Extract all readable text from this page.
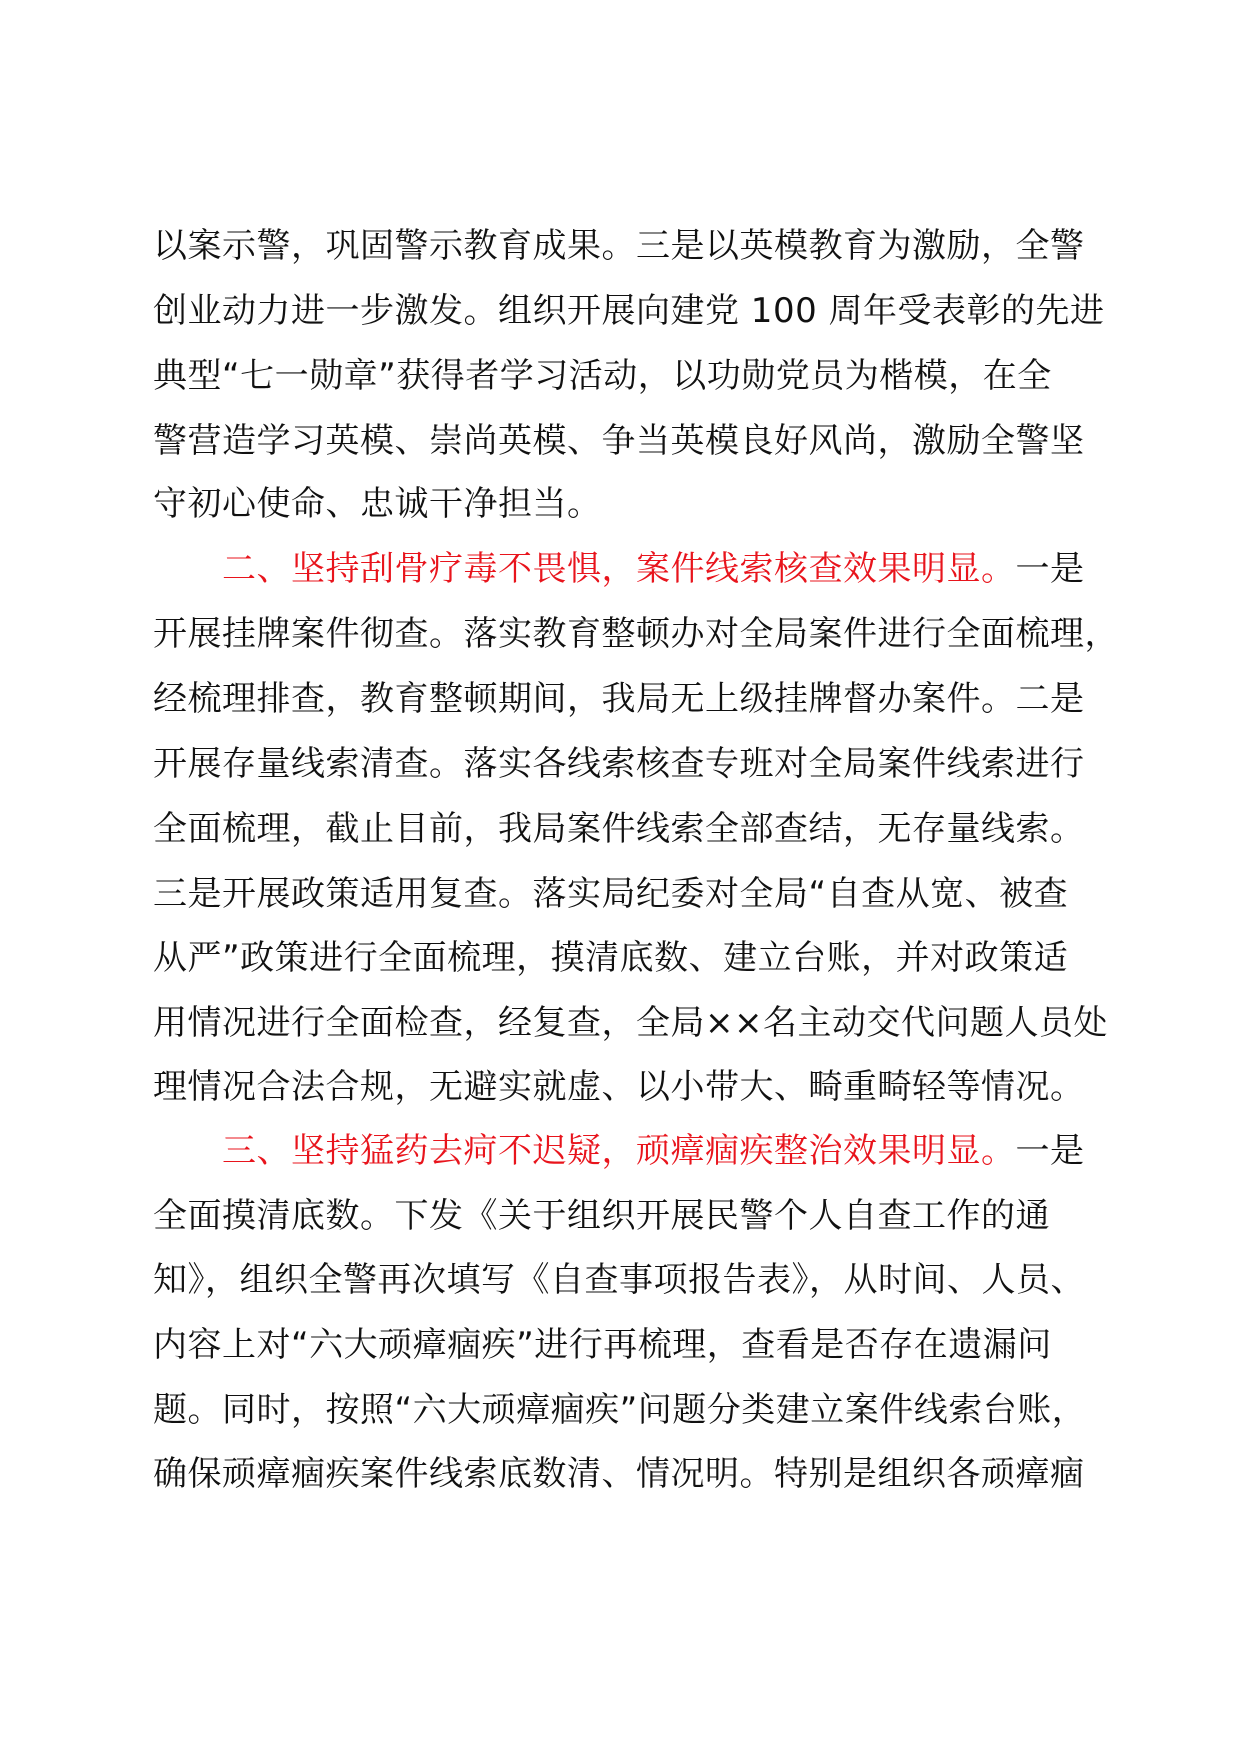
以案示警，巩固警示教育成果。三是以英模教育为激励，全警
创业动力进一步激发。组织开展向建党 100 周年受表彰的先进
典型“七一勋章”获得者学习活动，以功勋党员为楷模，在全
警营造学习英模、崇尚英模、争当英模良好风尚，激励全警坚
守初心使命、忠诚干净担当。
二、坚持刮骨疗毒不畏惧，案件线索核查效果明显。一是
开展挂牌案件彻查。落实教育整顿办对全局案件进行全面梳理，
经梳理排查，教育整顿期间，我局无上级挂牌督办案件。二是
开展存量线索清查。落实各线索核查专班对全局案件线索进行
全面梳理，截止目前，我局案件线索全部查结，无存量线索。
三是开展政策适用复查。落实局纪委对全局“自查从宽、被查
从严”政策进行全面梳理，摸清底数、建立台账，并对政策适
用情况进行全面检查，经复查，全局××名主动交代问题人员处
理情况合法合规，无避实就虚、以小带大、畸重畸轻等情况。
三、坚持猛药去疴不迟疑，顽瘴痼疾整治效果明显。一是
全面摸清底数。下发《关于组织开展民警个人自查工作的通
知》，组织全警再次填写《自查事项报告表》，从时间、人员、
内容上对“六大顽瘴痼疾”进行再梳理，查看是否存在遗漏问
题。同时，按照“六大顽瘴痼疾”问题分类建立案件线索台账，
确保顽瘴痼疾案件线索底数清、情况明。特别是组织各顽瘴痼
